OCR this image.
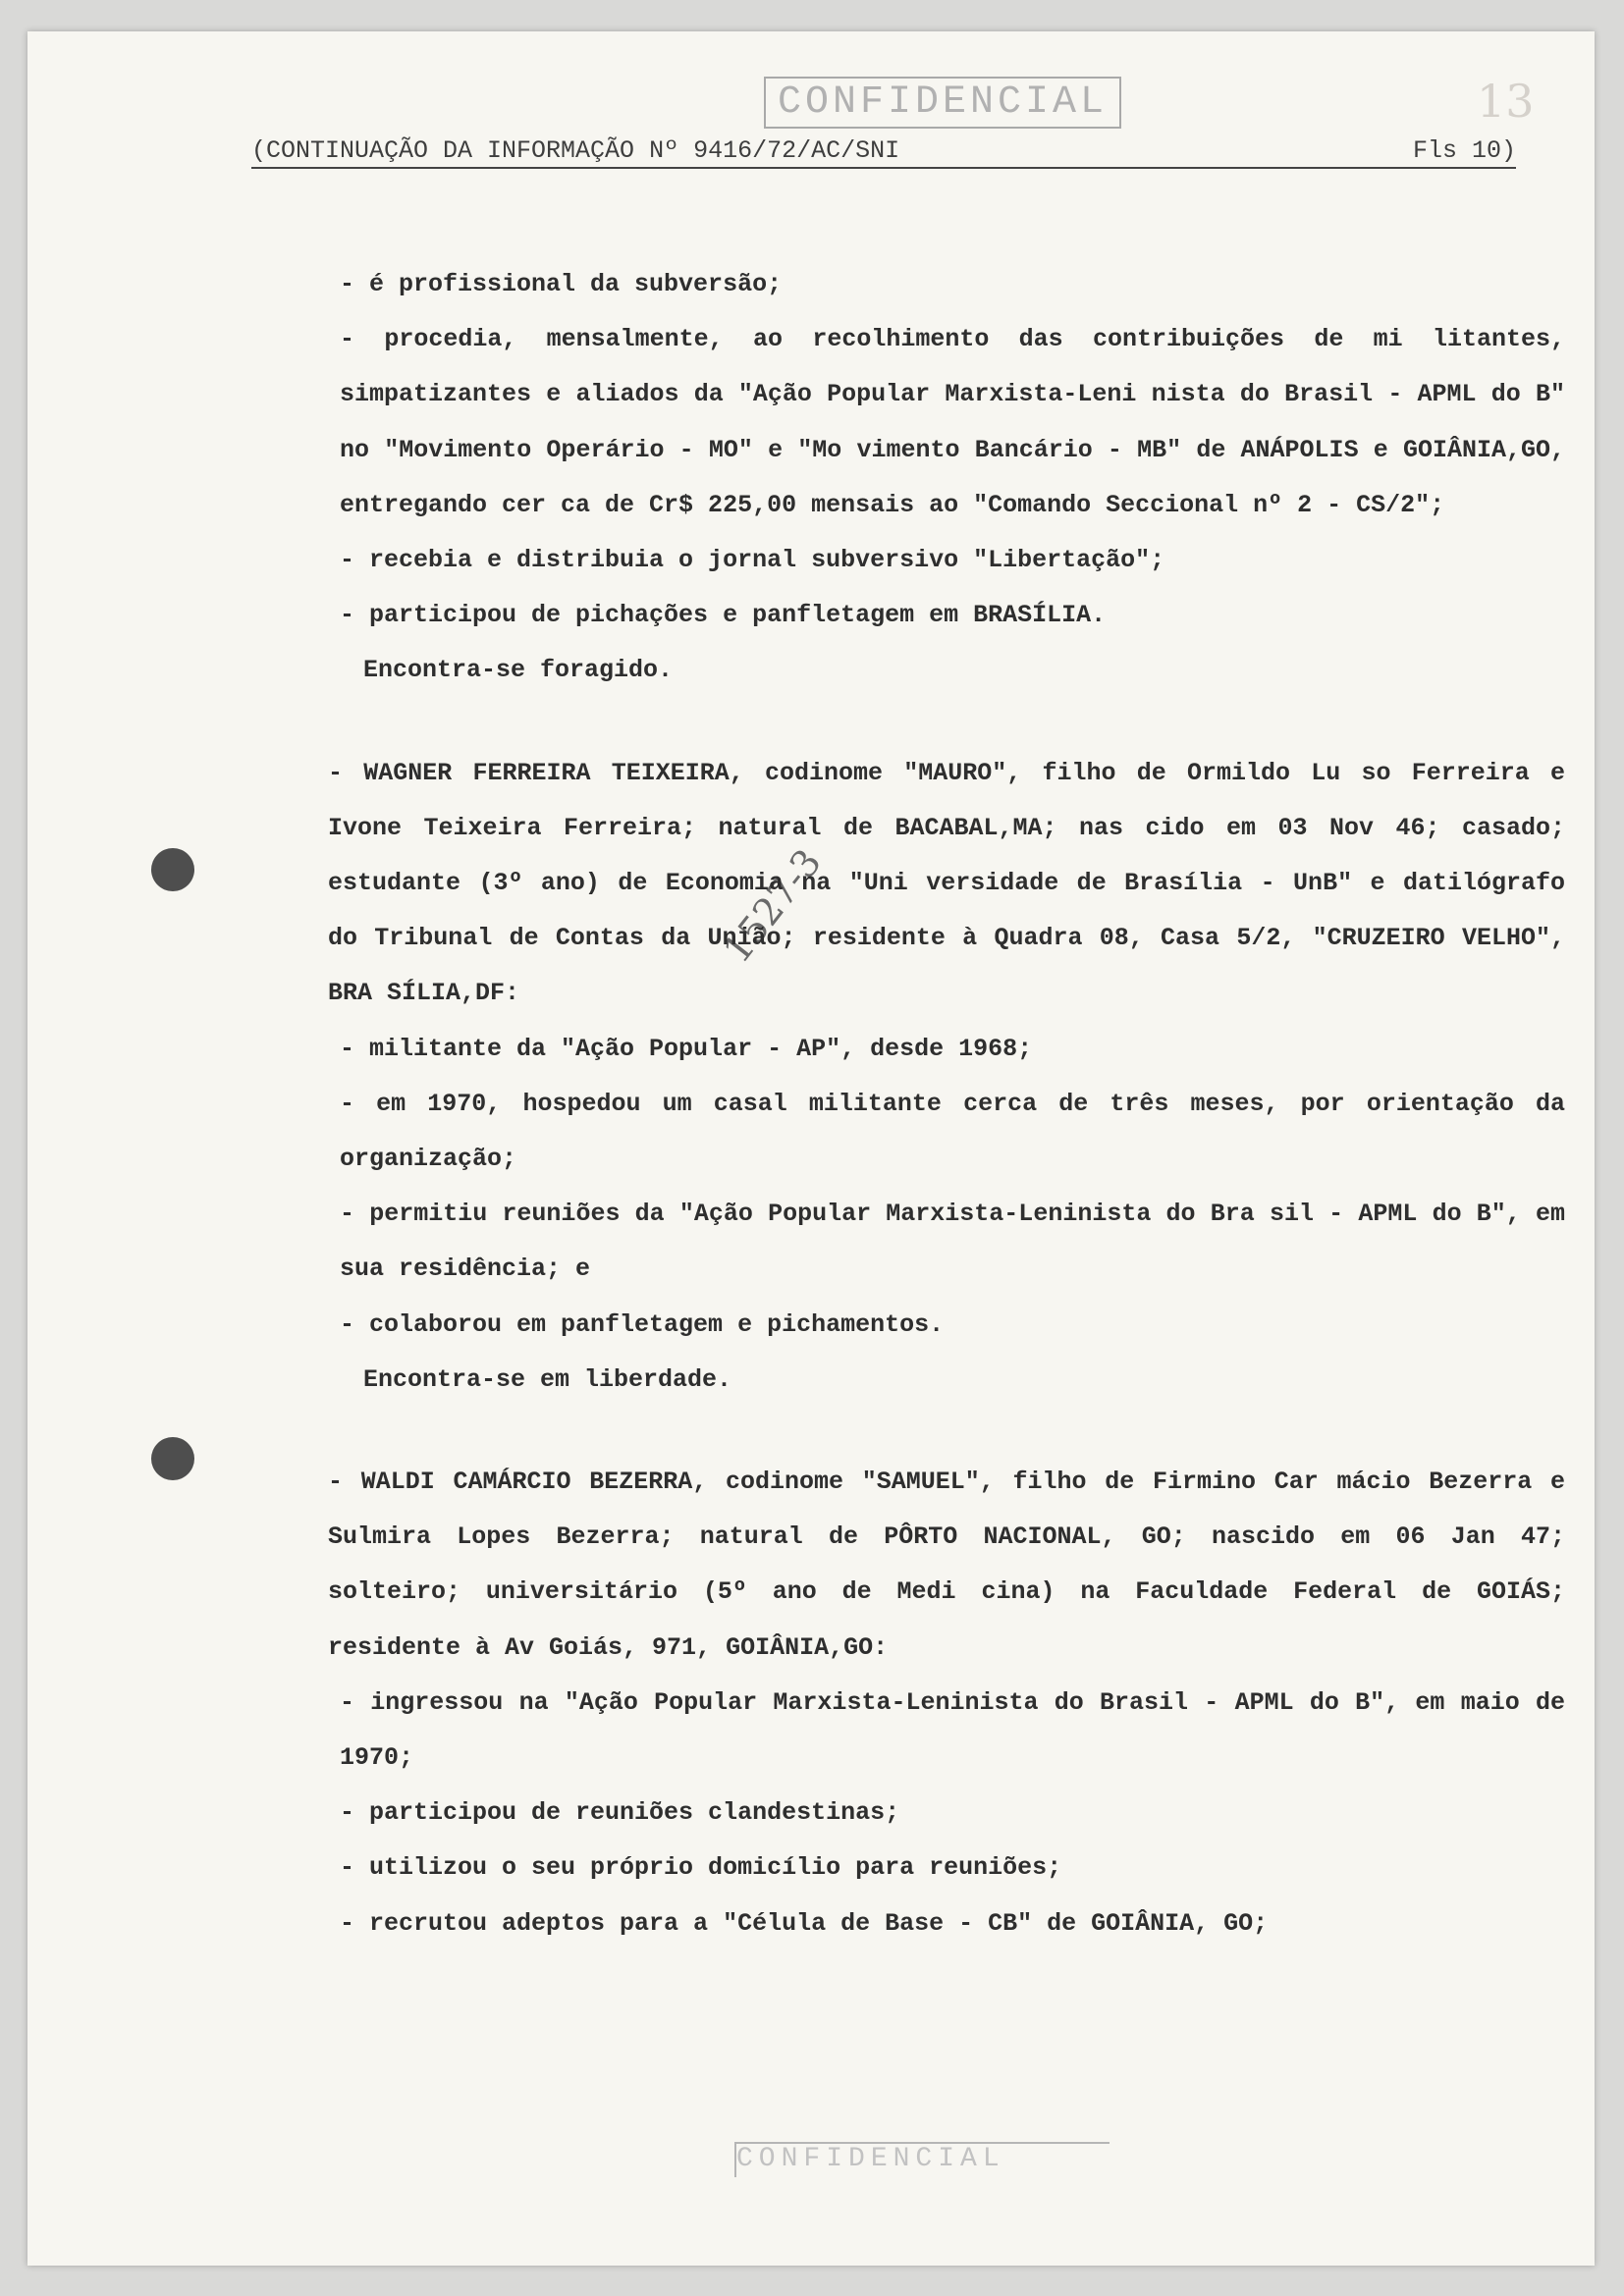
13
CONFIDENCIAL
(CONTINUAÇÃO DA INFORMAÇÃO Nº 9416/72/AC/SNI	Fls 10)
1527-3

- é profissional da subversão;

- procedia, mensalmente, ao recolhimento das contribuições de mi litantes, simpatizantes e aliados da "Ação Popular Marxista-Leni nista do Brasil - APML do B" no "Movimento Operário - MO" e "Mo vimento Bancário - MB" de ANÁPOLIS e GOIÂNIA,GO, entregando cer ca de Cr$ 225,00 mensais ao "Comando Seccional nº 2 - CS/2";

- recebia e distribuia o jornal subversivo "Libertação";

- participou de pichações e panfletagem em BRASÍLIA.

Encontra-se foragido.

- WAGNER FERREIRA TEIXEIRA, codinome "MAURO", filho de Ormildo Lu so Ferreira e Ivone Teixeira Ferreira; natural de BACABAL,MA; nas cido em 03 Nov 46; casado; estudante (3º ano) de Economia na "Uni versidade de Brasília - UnB" e datilógrafo do Tribunal de Contas da União; residente à Quadra 08, Casa 5/2, "CRUZEIRO VELHO", BRA SÍLIA,DF:

- militante da "Ação Popular - AP", desde 1968;

- em 1970, hospedou um casal militante cerca de três meses, por orientação da organização;

- permitiu reuniões da "Ação Popular Marxista-Leninista do Bra sil - APML do B", em sua residência; e

- colaborou em panfletagem e pichamentos.

Encontra-se em liberdade.

- WALDI CAMÁRCIO BEZERRA, codinome "SAMUEL", filho de Firmino Car mácio Bezerra e Sulmira Lopes Bezerra; natural de PÔRTO NACIONAL, GO; nascido em 06 Jan 47; solteiro; universitário (5º ano de Medi cina) na Faculdade Federal de GOIÁS; residente à Av Goiás, 971, GOIÂNIA,GO:

- ingressou na "Ação Popular Marxista-Leninista do Brasil - APML do B", em maio de 1970;

- participou de reuniões clandestinas;

- utilizou o seu próprio domicílio para reuniões;

- recrutou adeptos para a "Célula de Base - CB" de GOIÂNIA, GO;

CONFIDENCIAL
